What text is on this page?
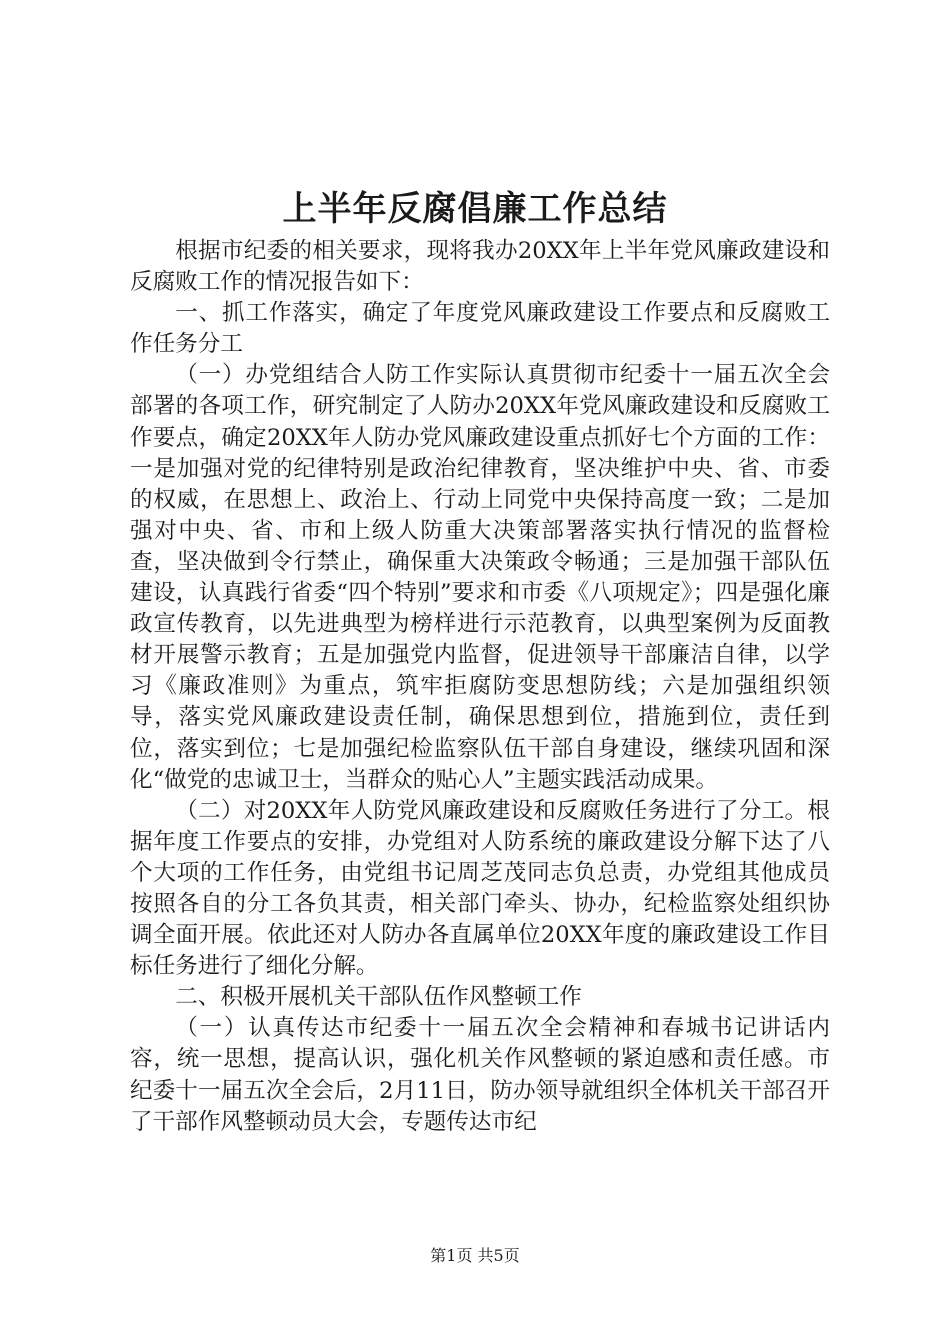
上半年反腐倡廉工作总结

根据市纪委的相关要求，现将我办20XX年上半年党风廉政建设和反腐败工作的情况报告如下：

一、抓工作落实，确定了年度党风廉政建设工作要点和反腐败工作任务分工

（一）办党组结合人防工作实际认真贯彻市纪委十一届五次全会部署的各项工作，研究制定了人防办20XX年党风廉政建设和反腐败工作要点，确定20XX年人防办党风廉政建设重点抓好七个方面的工作：一是加强对党的纪律特别是政治纪律教育，坚决维护中央、省、市委的权威，在思想上、政治上、行动上同党中央保持高度一致；二是加强对中央、省、市和上级人防重大决策部署落实执行情况的监督检查，坚决做到令行禁止，确保重大决策政令畅通；三是加强干部队伍建设，认真践行省委“四个特别”要求和市委《八项规定》；四是强化廉政宣传教育，以先进典型为榜样进行示范教育，以典型案例为反面教材开展警示教育；五是加强党内监督，促进领导干部廉洁自律，以学习《廉政准则》为重点，筑牢拒腐防变思想防线；六是加强组织领导，落实党风廉政建设责任制，确保思想到位，措施到位，责任到位，落实到位；七是加强纪检监察队伍干部自身建设，继续巩固和深化“做党的忠诚卫士，当群众的贴心人”主题实践活动成果。

（二）对20XX年人防党风廉政建设和反腐败任务进行了分工。根据年度工作要点的安排，办党组对人防系统的廉政建设分解下达了八个大项的工作任务，由党组书记周芝茂同志负总责，办党组其他成员按照各自的分工各负其责，相关部门牵头、协办，纪检监察处组织协调全面开展。依此还对人防办各直属单位20XX年度的廉政建设工作目标任务进行了细化分解。

二、积极开展机关干部队伍作风整顿工作

（一）认真传达市纪委十一届五次全会精神和春城书记讲话内容，统一思想，提高认识，强化机关作风整顿的紧迫感和责任感。市纪委十一届五次全会后，2月11日，防办领导就组织全体机关干部召开了干部作风整顿动员大会，专题传达市纪

第1页 共5页
